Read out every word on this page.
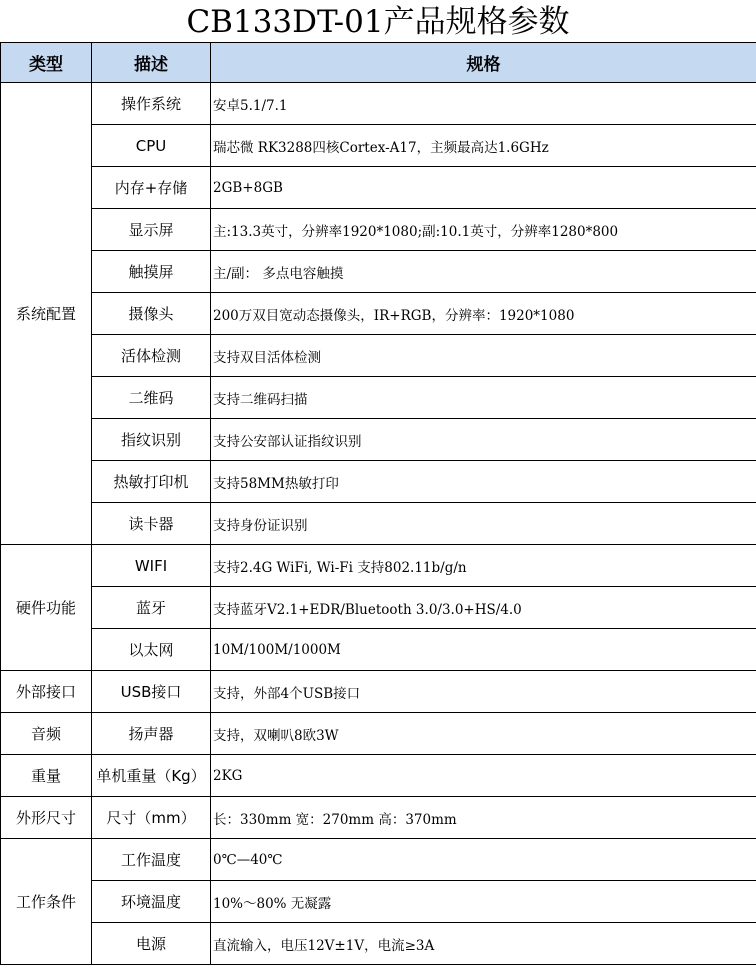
CB133DT-01产品规格参数
类型	描述	规格
系统配置	操作系统	安卓5.1/7.1
	CPU	瑞芯微 RK3288四核Cortex-A17，主频最高达1.6GHz
	内存+存储	2GB+8GB
	显示屏	主:13.3英寸，分辨率1920*1080;副:10.1英寸，分辨率1280*800
	触摸屏	主/副： 多点电容触摸
	摄像头	200万双目宽动态摄像头，IR+RGB，分辨率：1920*1080
	活体检测	支持双目活体检测
	二维码	支持二维码扫描
	指纹识别	支持公安部认证指纹识别
	热敏打印机	支持58MM热敏打印
	读卡器	支持身份证识别
硬件功能	WIFI	支持2.4G WiFi, Wi-Fi 支持802.11b/g/n
	蓝牙	支持蓝牙V2.1+EDR/Bluetooth 3.0/3.0+HS/4.0
	以太网	10M/100M/1000M
外部接口	USB接口	支持，外部4个USB接口
音频	扬声器	支持，双喇叭8欧3W
重量	单机重量（Kg）	2KG
外形尺寸	尺寸（mm）	长：330mm 宽：270mm 高：370mm
工作条件	工作温度	0℃—40℃
	环境温度	10%～80% 无凝露
	电源	直流输入，电压12V±1V，电流≥3A
